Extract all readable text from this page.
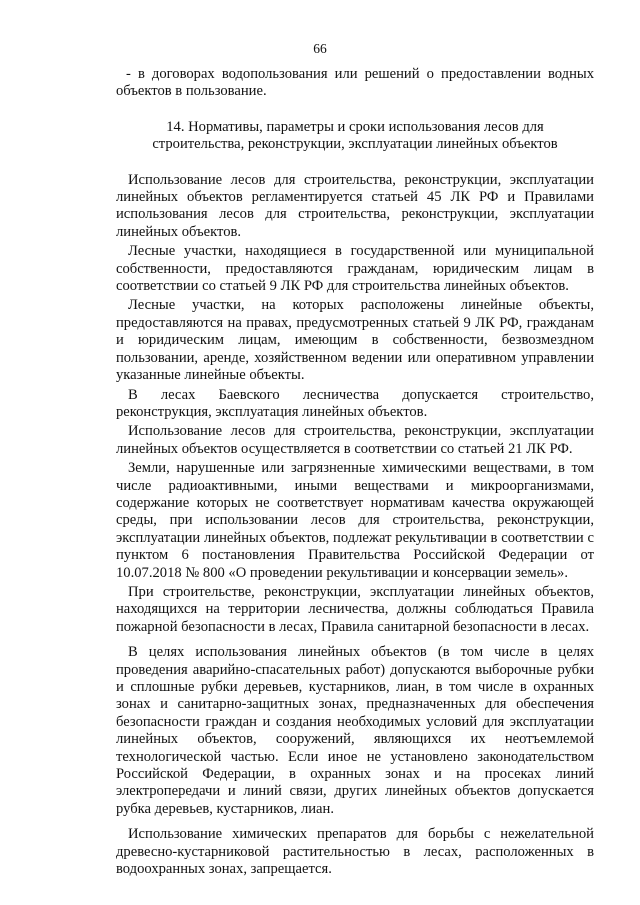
66

- в договорах водопользования или решений о предоставлении водных объектов в пользование.

14. Нормативы, параметры и сроки использования лесов для строительства, реконструкции, эксплуатации линейных объектов

Использование лесов для строительства, реконструкции, эксплуатации линейных объектов регламентируется статьей 45 ЛК РФ и Правилами использования лесов для строительства, реконструкции, эксплуатации линейных объектов.

Лесные участки, находящиеся в государственной или муниципальной собственности, предоставляются гражданам, юридическим лицам в соответствии со статьей 9 ЛК РФ для строительства линейных объектов.

Лесные участки, на которых расположены линейные объекты, предоставляются на правах, предусмотренных статьей 9 ЛК РФ, гражданам и юридическим лицам, имеющим в собственности, безвозмездном пользовании, аренде, хозяйственном ведении или оперативном управлении указанные линейные объекты.

В лесах Баевского лесничества допускается строительство, реконструкция, эксплуатация линейных объектов.

Использование лесов для строительства, реконструкции, эксплуатации линейных объектов осуществляется в соответствии со статьей 21 ЛК РФ.

Земли, нарушенные или загрязненные химическими веществами, в том числе радиоактивными, иными веществами и микроорганизмами, содержание которых не соответствует нормативам качества окружающей среды, при использовании лесов для строительства, реконструкции, эксплуатации линейных объектов, подлежат рекультивации в соответствии с пунктом 6 постановления Правительства Российской Федерации от 10.07.2018 № 800 «О проведении рекультивации и консервации земель».

При строительстве, реконструкции, эксплуатации линейных объектов, находящихся на территории лесничества, должны соблюдаться Правила пожарной безопасности в лесах, Правила санитарной безопасности в лесах.

В целях использования линейных объектов (в том числе в целях проведения аварийно-спасательных работ) допускаются выборочные рубки и сплошные рубки деревьев, кустарников, лиан, в том числе в охранных зонах и санитарно-защитных зонах, предназначенных для обеспечения безопасности граждан и создания необходимых условий для эксплуатации линейных объектов, сооружений, являющихся их неотъемлемой технологической частью. Если иное не установлено законодательством Российской Федерации, в охранных зонах и на просеках линий электропередачи и линий связи, других линейных объектов допускается рубка деревьев, кустарников, лиан.

Использование химических препаратов для борьбы с нежелательной древесно-кустарниковой растительностью в лесах, расположенных в водоохранных зонах, запрещается.
